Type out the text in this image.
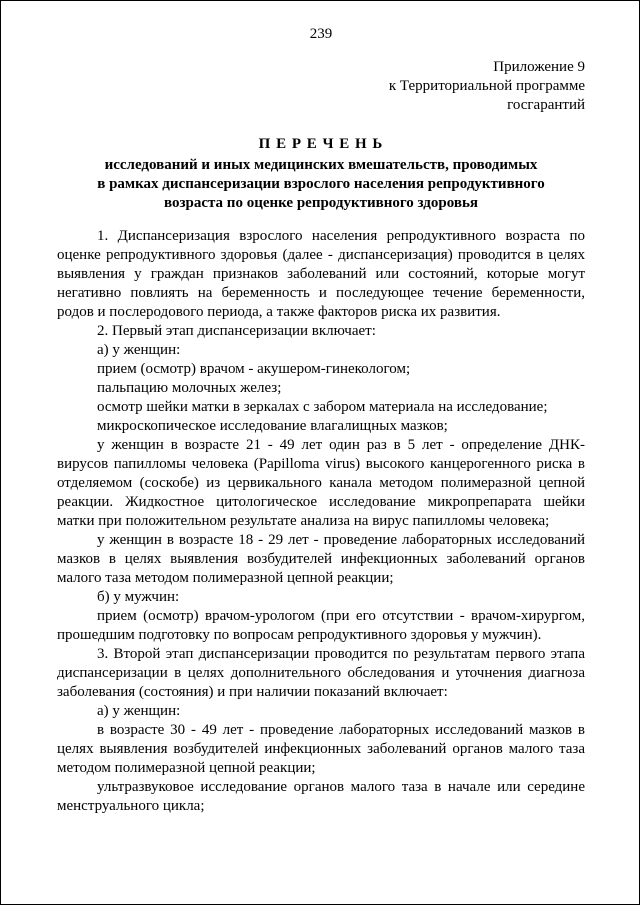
239
Приложение 9
к Территориальной программе
госгарантий
П Е Р Е Ч Е Н Ь
исследований и иных медицинских вмешательств, проводимых
в рамках диспансеризации взрослого населения репродуктивного
возраста по оценке репродуктивного здоровья

1. Диспансеризация взрослого населения репродуктивного возраста по оценке репродуктивного здоровья (далее - диспансеризация) проводится в целях выявления у граждан признаков заболеваний или состояний, которые могут негативно повлиять на беременность и последующее течение беременности, родов и послеродового периода, а также факторов риска их развития.

2. Первый этап диспансеризации включает:

а) у женщин:

прием (осмотр) врачом - акушером-гинекологом;

пальпацию молочных желез;

осмотр шейки матки в зеркалах с забором материала на исследование;

микроскопическое исследование влагалищных мазков;

у женщин в возрасте 21 - 49 лет один раз в 5 лет - определение ДНК-вирусов папилломы человека (Papilloma virus) высокого канцерогенного риска в отделяемом (соскобе) из цервикального канала методом полимеразной цепной реакции. Жидкостное цитологическое исследование микропрепарата шейки матки при положительном результате анализа на вирус папилломы человека;

у женщин в возрасте 18 - 29 лет - проведение лабораторных исследований мазков в целях выявления возбудителей инфекционных заболеваний органов малого таза методом полимеразной цепной реакции;

б) у мужчин:

прием (осмотр) врачом-урологом (при его отсутствии - врачом-хирургом, прошедшим подготовку по вопросам репродуктивного здоровья у мужчин).

3. Второй этап диспансеризации проводится по результатам первого этапа диспансеризации в целях дополнительного обследования и уточнения диагноза заболевания (состояния) и при наличии показаний включает:

а) у женщин:

в возрасте 30 - 49 лет - проведение лабораторных исследований мазков в целях выявления возбудителей инфекционных заболеваний органов малого таза методом полимеразной цепной реакции;

ультразвуковое исследование органов малого таза в начале или середине менструального цикла;
